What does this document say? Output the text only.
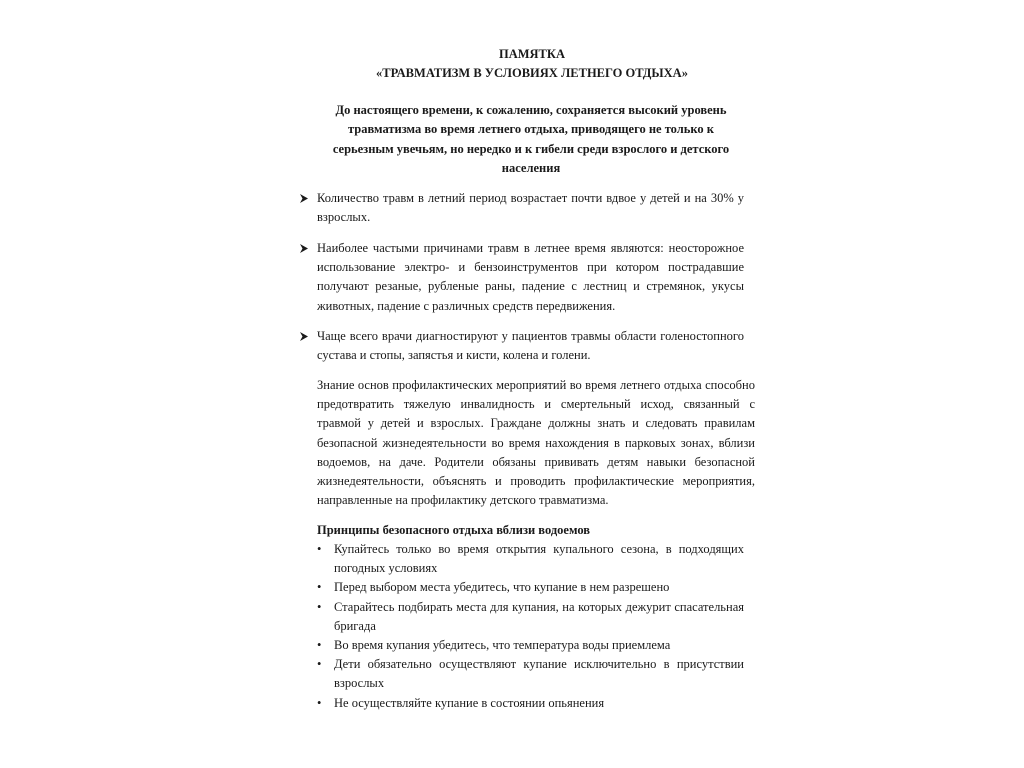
ПАМЯТКА
«ТРАВМАТИЗМ В УСЛОВИЯХ ЛЕТНЕГО ОТДЫХА»
До настоящего времени, к сожалению, сохраняется высокий уровень травматизма во время летнего отдыха, приводящего не только к серьезным увечьям, но нередко и к гибели среди взрослого и детского населения
Количество травм в летний период возрастает почти вдвое у детей и на 30% у взрослых.
Наиболее частыми причинами травм в летнее время являются: неосторожное использование электро- и бензоинструментов при котором пострадавшие получают резаные, рубленые раны, падение с лестниц и стремянок, укусы животных, падение с различных средств передвижения.
Чаще всего врачи диагностируют у пациентов травмы области голеностопного сустава и стопы, запястья и кисти, колена и голени.
Знание основ профилактических мероприятий во время летнего отдыха способно предотвратить тяжелую инвалидность и смертельный исход, связанный с травмой у детей и взрослых. Граждане должны знать и следовать правилам безопасной жизнедеятельности во время нахождения в парковых зонах, вблизи водоемов, на даче. Родители обязаны прививать детям навыки безопасной жизнедеятельности, объяснять и проводить профилактические мероприятия, направленные на профилактику детского травматизма.
Принципы безопасного отдыха вблизи водоемов
•	Купайтесь только во время открытия купального сезона, в подходящих погодных условиях
•	Перед выбором места убедитесь, что купание в нем разрешено
•	Старайтесь подбирать места для купания, на которых дежурит спасательная бригада
•	Во время купания убедитесь, что температура воды приемлема
•	Дети обязательно осуществляют купание исключительно в присутствии взрослых
•	Не осуществляйте купание в состоянии опьянения
